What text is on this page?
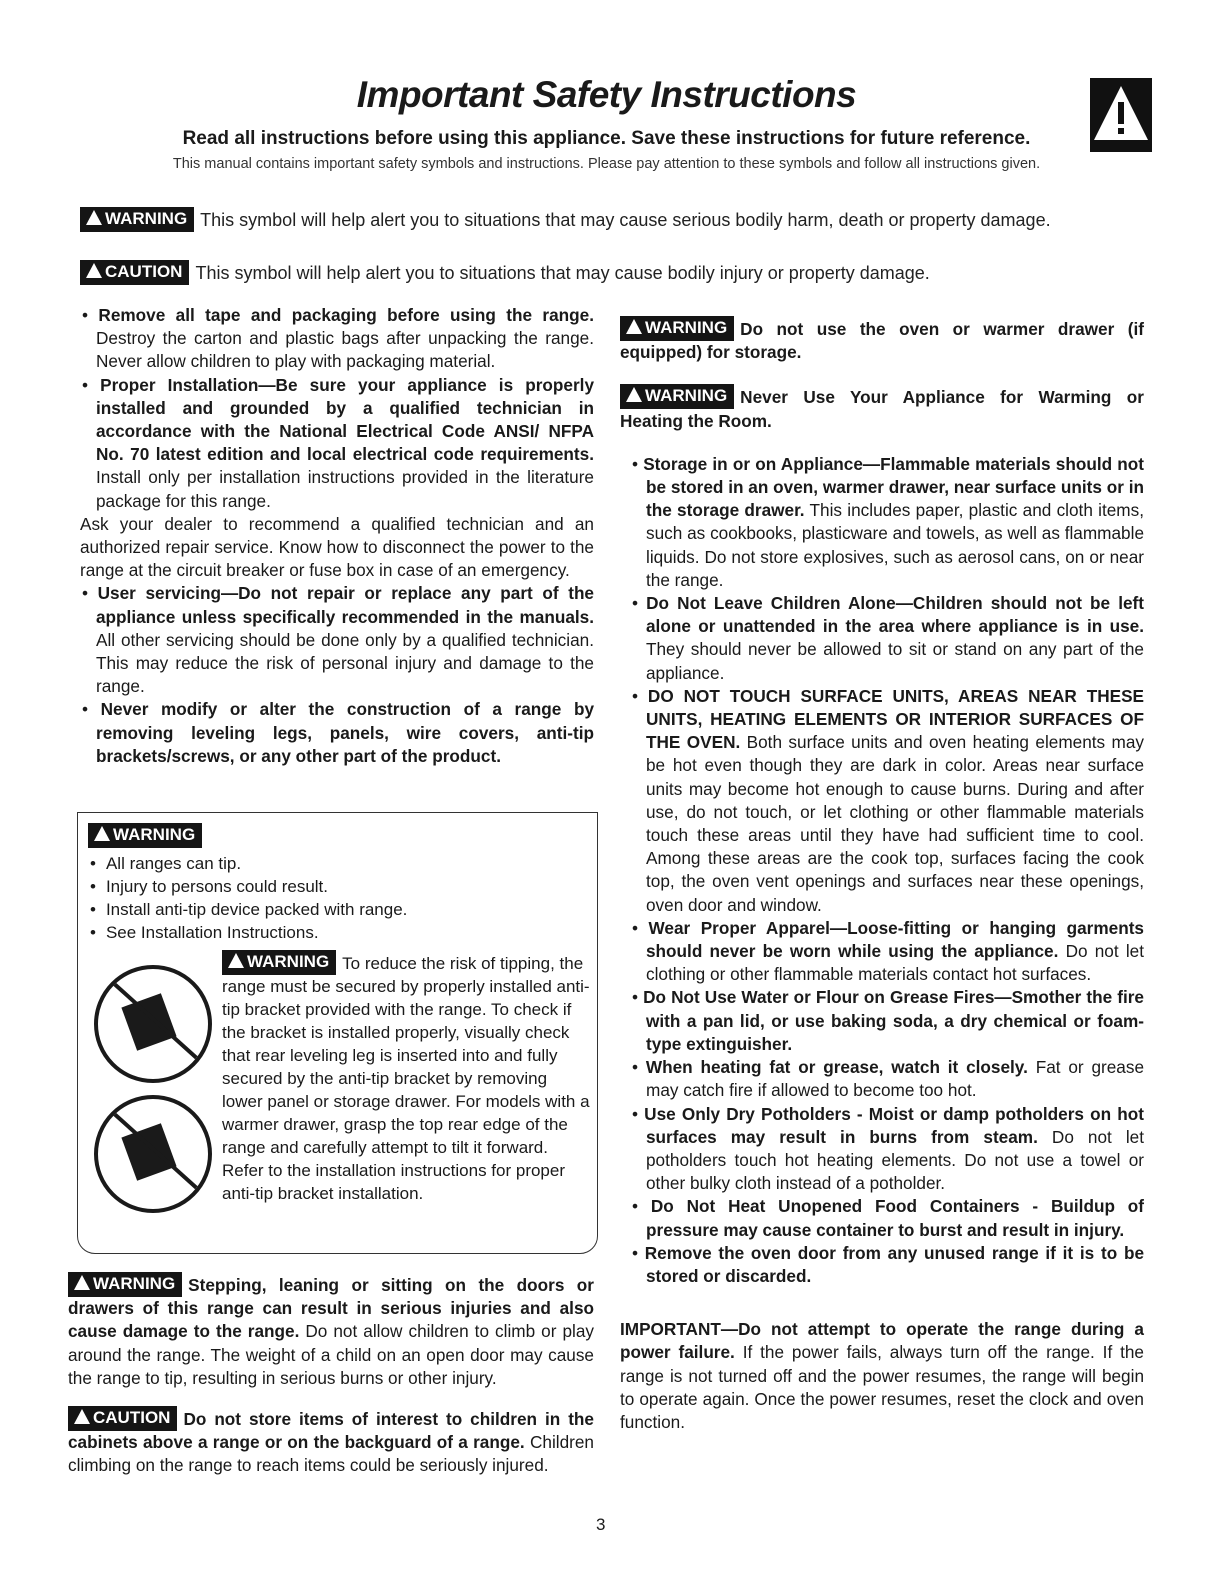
Important Safety Instructions
Read all instructions before using this appliance. Save these instructions for future reference.
This manual contains important safety symbols and instructions. Please pay attention to these symbols and follow all instructions given.
WARNING This symbol will help alert you to situations that may cause serious bodily harm, death or property damage.
CAUTION This symbol will help alert you to situations that may cause bodily injury or property damage.

• Remove all tape and packaging before using the range. Destroy the carton and plastic bags after unpacking the range. Never allow children to play with packaging material.

• Proper Installation—Be sure your appliance is properly installed and grounded by a qualified technician in accordance with the National Electrical Code ANSI/ NFPA No. 70 latest edition and local electrical code requirements. Install only per installation instructions provided in the literature package for this range.

Ask your dealer to recommend a qualified technician and an authorized repair service. Know how to disconnect the power to the range at the circuit breaker or fuse box in case of an emergency.

• User servicing—Do not repair or replace any part of the appliance unless specifically recommended in the manuals. All other servicing should be done only by a qualified technician. This may reduce the risk of personal injury and damage to the range.

• Never modify or alter the construction of a range by removing leveling legs, panels, wire covers, anti-tip brackets/screws, or any other part of the product.

WARNING
• All ranges can tip.
• Injury to persons could result.
• Install anti-tip device packed with range.
• See Installation Instructions.
WARNING To reduce the risk of tipping, the range must be secured by properly installed anti-tip bracket provided with the range. To check if the bracket is installed properly, visually check that rear leveling leg is inserted into and fully secured by the anti-tip bracket by removing lower panel or storage drawer. For models with a warmer drawer, grasp the top rear edge of the range and carefully attempt to tilt it forward. Refer to the installation instructions for proper anti-tip bracket installation.

WARNING Stepping, leaning or sitting on the doors or drawers of this range can result in serious injuries and also cause damage to the range. Do not allow children to climb or play around the range. The weight of a child on an open door may cause the range to tip, resulting in serious burns or other injury.

CAUTION Do not store items of interest to children in the cabinets above a range or on the backguard of a range. Children climbing on the range to reach items could be seriously injured.

WARNING Do not use the oven or warmer drawer (if equipped) for storage.

WARNING Never Use Your Appliance for Warming or Heating the Room.

• Storage in or on Appliance—Flammable materials should not be stored in an oven, warmer drawer, near surface units or in the storage drawer. This includes paper, plastic and cloth items, such as cookbooks, plasticware and towels, as well as flammable liquids. Do not store explosives, such as aerosol cans, on or near the range.

• Do Not Leave Children Alone—Children should not be left alone or unattended in the area where appliance is in use. They should never be allowed to sit or stand on any part of the appliance.

• DO NOT TOUCH SURFACE UNITS, AREAS NEAR THESE UNITS, HEATING ELEMENTS OR INTERIOR SURFACES OF THE OVEN. Both surface units and oven heating elements may be hot even though they are dark in color. Areas near surface units may become hot enough to cause burns. During and after use, do not touch, or let clothing or other flammable materials touch these areas until they have had sufficient time to cool. Among these areas are the cook top, surfaces facing the cook top, the oven vent openings and surfaces near these openings, oven door and window.

• Wear Proper Apparel—Loose-fitting or hanging garments should never be worn while using the appliance. Do not let clothing or other flammable materials contact hot surfaces.

• Do Not Use Water or Flour on Grease Fires—Smother the fire with a pan lid, or use baking soda, a dry chemical or foam-type extinguisher.

• When heating fat or grease, watch it closely. Fat or grease may catch fire if allowed to become too hot.

• Use Only Dry Potholders - Moist or damp potholders on hot surfaces may result in burns from steam. Do not let potholders touch hot heating elements. Do not use a towel or other bulky cloth instead of a potholder.

• Do Not Heat Unopened Food Containers - Buildup of pressure may cause container to burst and result in injury.

• Remove the oven door from any unused range if it is to be stored or discarded.

IMPORTANT—Do not attempt to operate the range during a power failure. If the power fails, always turn off the range. If the range is not turned off and the power resumes, the range will begin to operate again. Once the power resumes, reset the clock and oven function.

3
